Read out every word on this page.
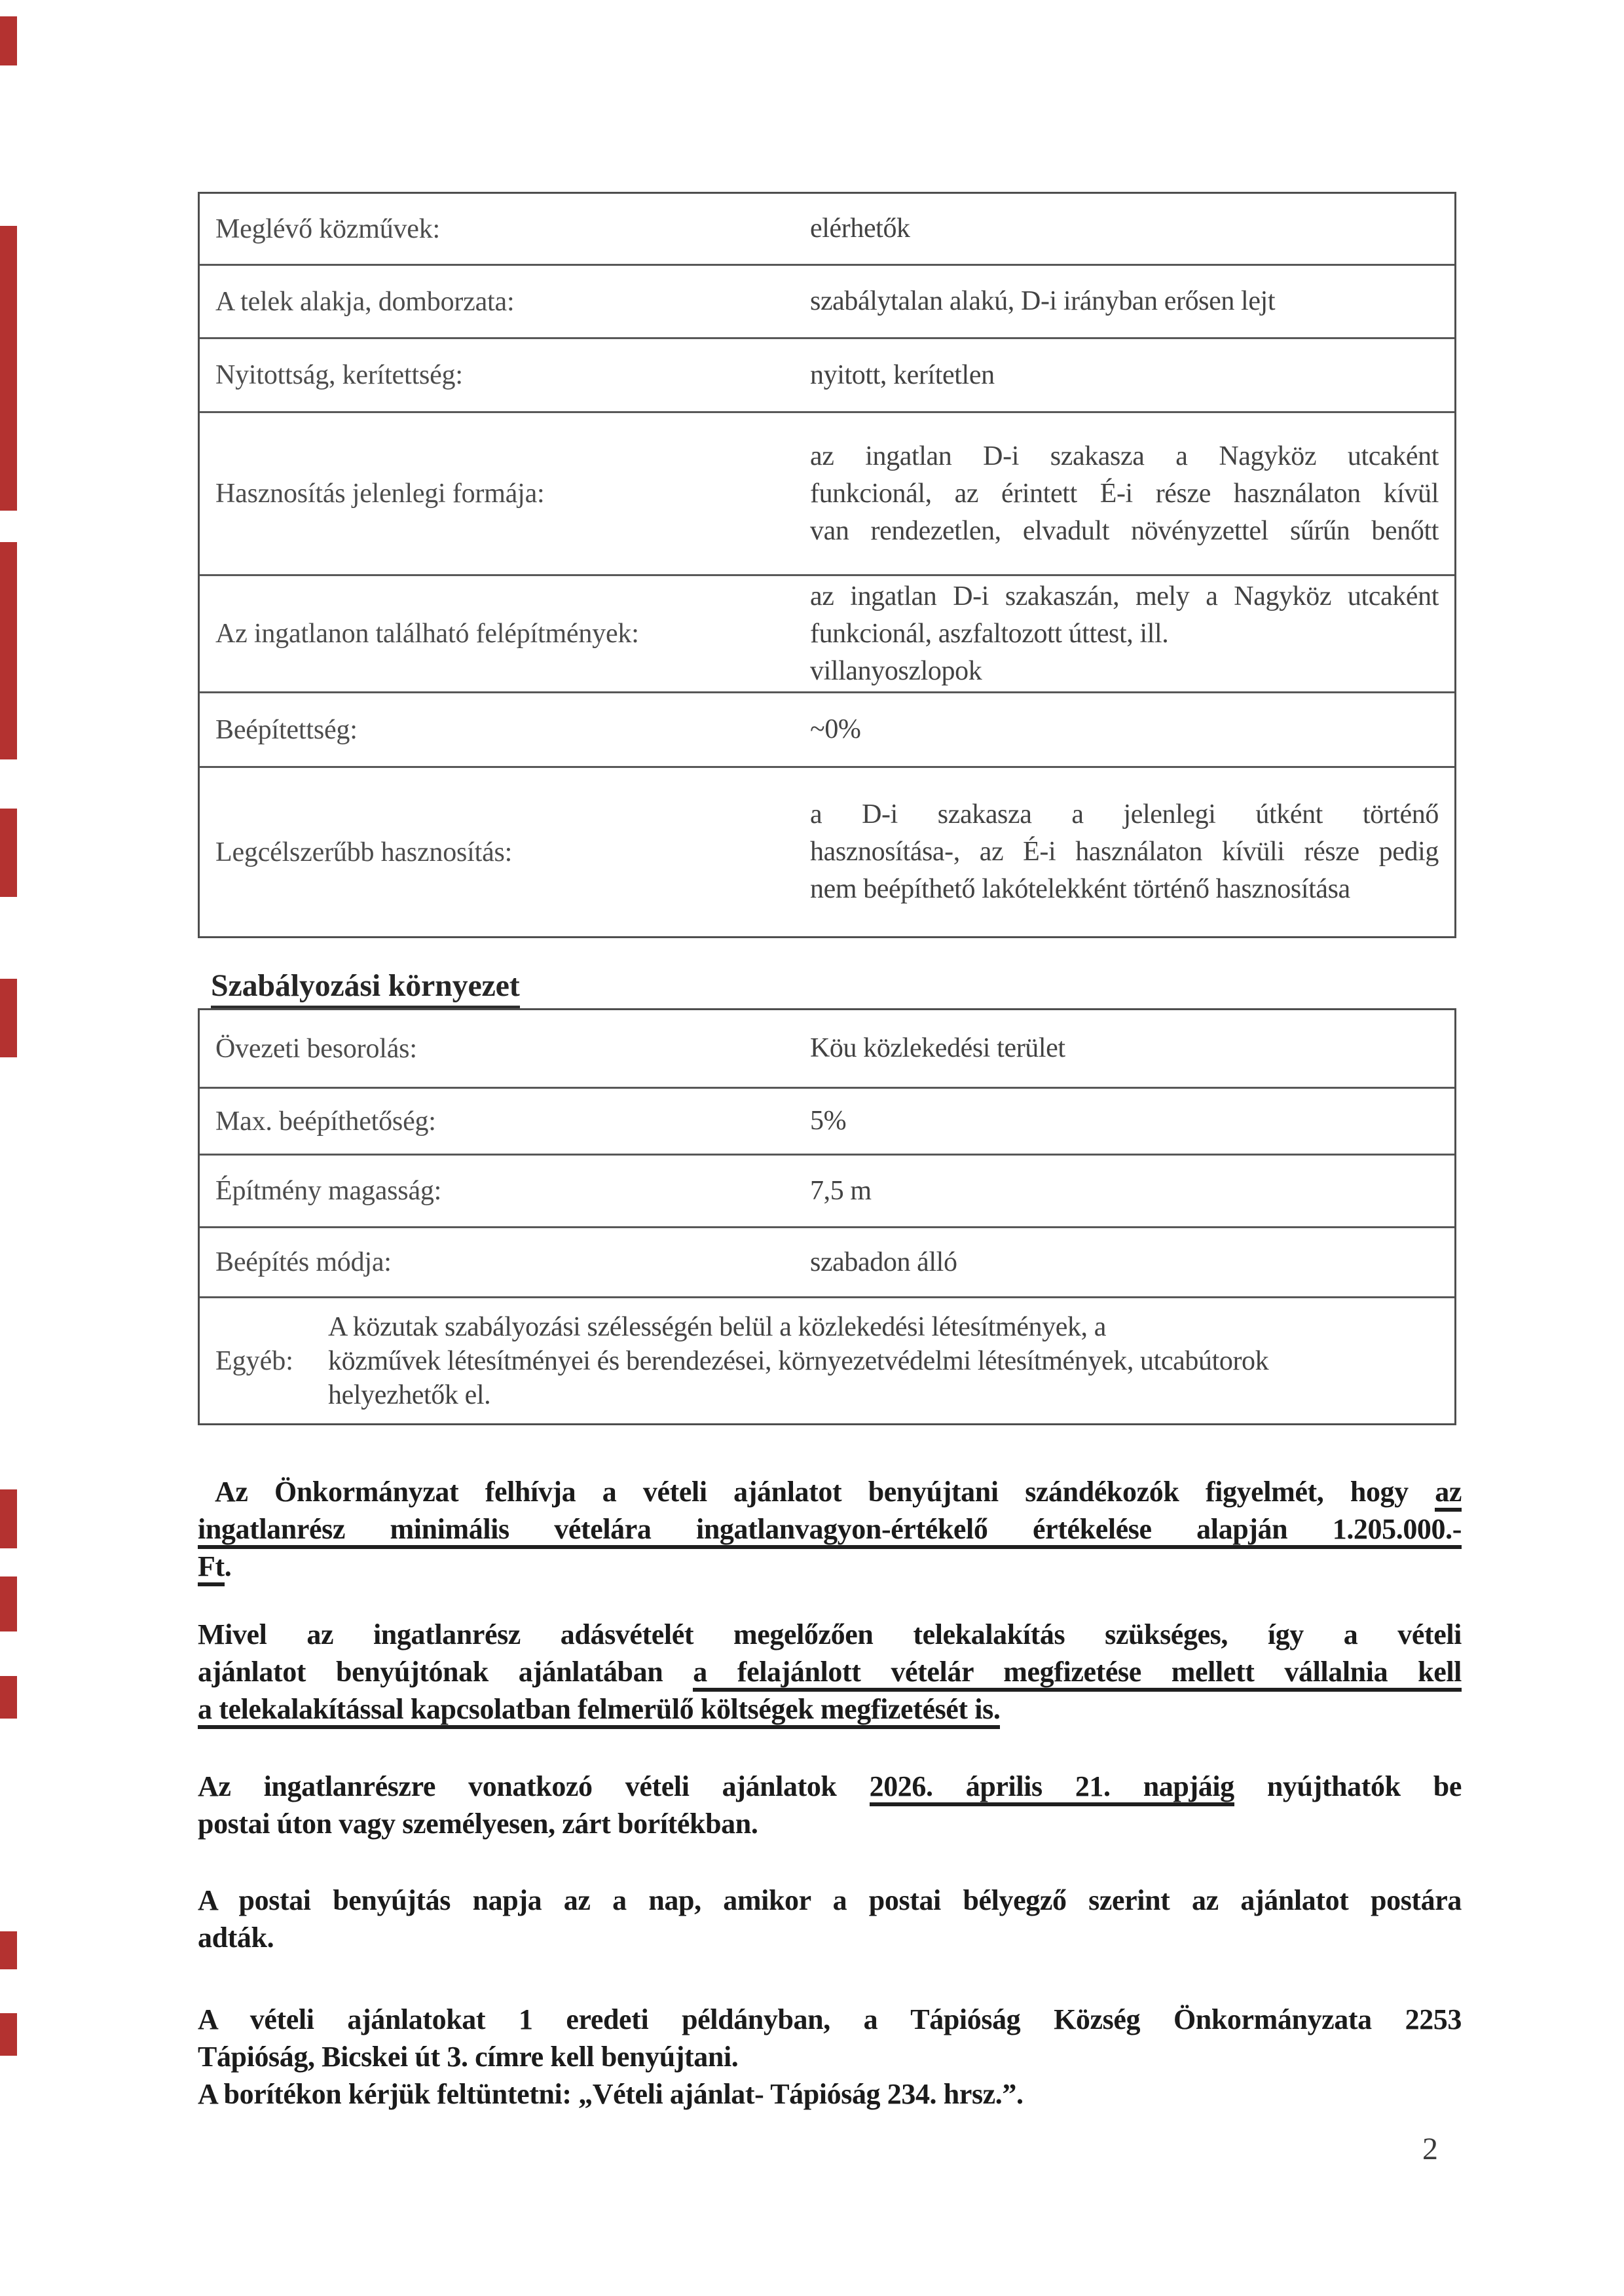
Meglévő közművek:	elérhetők
A telek alakja, domborzata:	szabálytalan alakú, D-i irányban erősen lejt
Nyitottság, kerítettség:	nyitott, kerítetlen
Hasznosítás jelenlegi formája:
az ingatlan D-i szakasza a Nagyköz utcaként
funkcionál, az érintett É-i része használaton kívül
van rendezetlen, elvadult növényzettel sűrűn benőtt
Az ingatlanon található felépítmények:
az ingatlan D-i szakaszán, mely a Nagyköz utcaként
funkcionál, aszfaltozott úttest, ill.
villanyoszlopok
Beépítettség:	~0%
Legcélszerűbb hasznosítás:
a D-i szakasza a jelenlegi útként történő
hasznosítása-, az É-i használaton kívüli része pedig
nem beépíthető lakótelekként történő hasznosítása
Szabályozási környezet
Övezeti besorolás:	Köu közlekedési terület
Max. beépíthetőség:	5%
Építmény magasság:	7,5 m
Beépítés módja:	szabadon álló
Egyéb:
A közutak szabályozási szélességén belül a közlekedési létesítmények, a
közművek létesítményei és berendezései, környezetvédelmi létesítmények, utcabútorok
helyezhetők el.
Az Önkormányzat felhívja a vételi ajánlatot benyújtani szándékozók figyelmét, hogy az
ingatlanrész minimális vételára ingatlanvagyon-értékelő értékelése alapján 1.205.000.-
Ft.
Mivel az ingatlanrész adásvételét megelőzően telekalakítás szükséges, így a vételi
ajánlatot benyújtónak ajánlatában a felajánlott vételár megfizetése mellett vállalnia kell
a telekalakítással kapcsolatban felmerülő költségek megfizetését is.
Az ingatlanrészre vonatkozó vételi ajánlatok 2026. április 21. napjáig nyújthatók be
postai úton vagy személyesen, zárt borítékban.
A postai benyújtás napja az a nap, amikor a postai bélyegző szerint az ajánlatot postára
adták.
A vételi ajánlatokat 1 eredeti példányban, a Tápióság Község Önkormányzata 2253
Tápióság, Bicskei út 3. címre kell benyújtani.
A borítékon kérjük feltüntetni: „Vételi ajánlat- Tápióság 234. hrsz.”.
2
